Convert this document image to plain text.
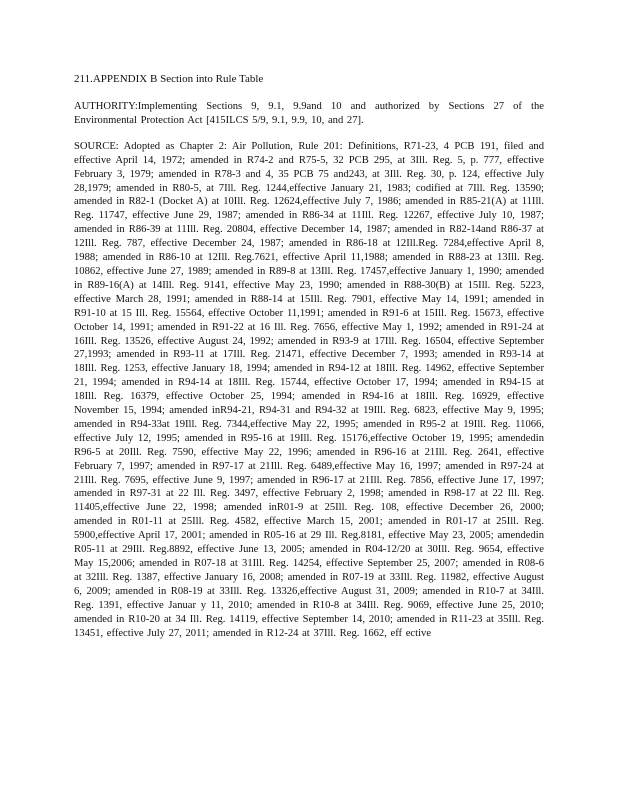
211.APPENDIX B Section into Rule Table

AUTHORITY:Implementing Sections 9, 9.1, 9.9and 10 and authorized by Sections 27 of the Environmental Protection Act [415ILCS 5/9, 9.1, 9.9, 10, and 27].

SOURCE: Adopted as Chapter 2: Air Pollution, Rule 201: Definitions, R71-23, 4 PCB 191, filed and effective April 14, 1972; amended in R74-2 and R75-5, 32 PCB 295, at 3Ill. Reg. 5, p. 777, effective February 3, 1979; amended in R78-3 and 4, 35 PCB 75 and243, at 3Ill. Reg. 30, p. 124, effective July 28,1979; amended in R80-5, at 7Ill. Reg. 1244,effective January 21, 1983; codified at 7Ill. Reg. 13590; amended in R82-1 (Docket A) at 10Ill. Reg. 12624,effective July 7, 1986; amended in R85-21(A) at 11Ill. Reg. 11747, effective June 29, 1987; amended in R86-34 at 11Ill. Reg. 12267, effective July 10, 1987; amended in R86-39 at 11Ill. Reg. 20804, effective December 14, 1987; amended in R82-14and R86-37 at 12Ill. Reg. 787, effective December 24, 1987; amended in R86-18 at 12Ill.Reg. 7284,effective April 8, 1988; amended in R86-10 at 12Ill. Reg.7621, effective April 11,1988; amended in R88-23 at 13Ill. Reg. 10862, effective June 27, 1989; amended in R89-8 at 13Ill. Reg. 17457,effective January 1, 1990; amended in R89-16(A) at 14Ill. Reg. 9141, effective May 23, 1990; amended in R88-30(B) at 15Ill. Reg. 5223, effective March 28, 1991; amended in R88-14 at 15Ill. Reg. 7901, effective May 14, 1991; amended in R91-10 at 15 Ill. Reg. 15564, effective October 11,1991; amended in R91-6 at 15Ill. Reg. 15673, effective October 14, 1991; amended in R91-22 at 16 Ill. Reg. 7656, effective May 1, 1992; amended in R91-24 at 16Ill. Reg. 13526, effective August 24, 1992; amended in R93-9 at 17Ill. Reg. 16504, effective September 27,1993; amended in R93-11 at 17Ill. Reg. 21471, effective December 7, 1993; amended in R93-14 at 18Ill. Reg. 1253, effective January 18, 1994; amended in R94-12 at 18Ill. Reg. 14962, effective September 21, 1994; amended in R94-14 at 18Ill. Reg. 15744, effective October 17, 1994; amended in R94-15 at 18Ill. Reg. 16379, effective October 25, 1994; amended in R94-16 at 18Ill. Reg. 16929, effective November 15, 1994; amended inR94-21, R94-31 and R94-32 at 19Ill. Reg. 6823, effective May 9, 1995; amended in R94-33at 19Ill. Reg. 7344,effective May 22, 1995; amended in R95-2 at 19Ill. Reg. 11066, effective July 12, 1995; amended in R95-16 at 19Ill. Reg. 15176,effective October 19, 1995; amendedin R96-5 at 20Ill. Reg. 7590, effective May 22, 1996; amended in R96-16 at 21Ill. Reg. 2641, effective February 7, 1997; amended in R97-17 at 21Ill. Reg. 6489,effective May 16, 1997; amended in R97-24 at 21Ill. Reg. 7695, effective June 9, 1997; amended in R96-17 at 21Ill. Reg. 7856, effective June 17, 1997; amended in R97-31 at 22 Ill. Reg. 3497, effective February 2, 1998; amended in R98-17 at 22 Ill. Reg. 11405,effective June 22, 1998; amended inR01-9 at 25Ill. Reg. 108, effective December 26, 2000; amended in R01-11 at 25Ill. Reg. 4582, effective March 15, 2001; amended in R01-17 at 25Ill. Reg. 5900,effective April 17, 2001; amended in R05-16 at 29 Ill. Reg.8181, effective May 23, 2005; amendedin R05-11 at 29Ill. Reg.8892, effective June 13, 2005; amended in R04-12/20 at 30Ill. Reg. 9654, effective May 15,2006; amended in R07-18 at 31Ill. Reg. 14254, effective September 25, 2007; amended in R08-6 at 32Ill. Reg. 1387, effective January 16, 2008; amended in R07-19 at 33Ill. Reg. 11982, effective August 6, 2009; amended in R08-19 at 33Ill. Reg. 13326,effective August 31, 2009; amended in R10-7 at 34Ill. Reg. 1391, effective Januar y 11, 2010; amended in R10-8 at 34Ill. Reg. 9069, effective June 25, 2010; amended in R10-20 at 34 Ill. Reg. 14119, effective September 14, 2010; amended in R11-23 at 35Ill. Reg. 13451, effective July 27, 2011; amended in R12-24 at 37Ill. Reg. 1662, eff ective
